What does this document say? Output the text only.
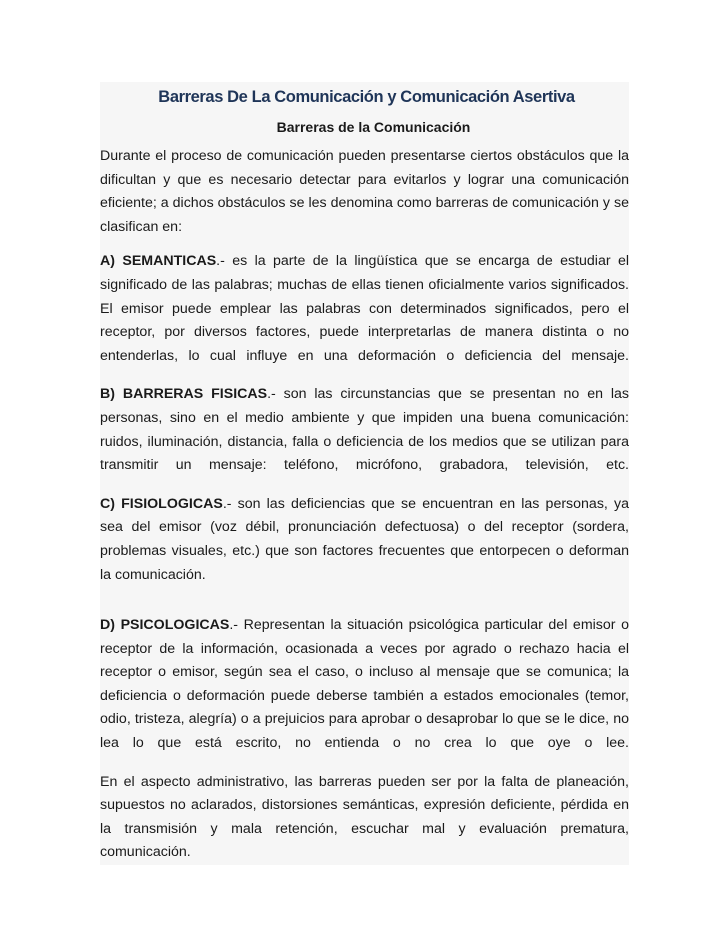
Barreras De La Comunicación y Comunicación Asertiva
Barreras de la Comunicación

Durante el proceso de comunicación pueden presentarse ciertos obstáculos que la dificultan y que es necesario detectar para evitarlos y lograr una comunicación eficiente; a dichos obstáculos se les denomina como barreras de comunicación y se clasifican en:

A) SEMANTICAS.- es la parte de la lingüística que se encarga de estudiar el significado de las palabras; muchas de ellas tienen oficialmente varios significados. El emisor puede emplear las palabras con determinados significados, pero el receptor, por diversos factores, puede interpretarlas de manera distinta o no entenderlas, lo cual influye en una deformación o deficiencia del mensaje.

B) BARRERAS FISICAS.- son las circunstancias que se presentan no en las personas, sino en el medio ambiente y que impiden una buena comunicación: ruidos, iluminación, distancia, falla o deficiencia de los medios que se utilizan para transmitir un mensaje: teléfono, micrófono, grabadora, televisión, etc.

C) FISIOLOGICAS.- son las deficiencias que se encuentran en las personas, ya sea del emisor (voz débil, pronunciación defectuosa) o del receptor (sordera, problemas visuales, etc.) que son factores frecuentes que entorpecen o deforman la comunicación.

D) PSICOLOGICAS.- Representan la situación psicológica particular del emisor o receptor de la información, ocasionada a veces por agrado o rechazo hacia el receptor o emisor, según sea el caso, o incluso al mensaje que se comunica; la deficiencia o deformación puede deberse también a estados emocionales (temor, odio, tristeza, alegría) o a prejuicios para aprobar o desaprobar lo que se le dice, no lea lo que está escrito, no entienda o no crea lo que oye o lee.

En el aspecto administrativo, las barreras pueden ser por la falta de planeación, supuestos no aclarados, distorsiones semánticas, expresión deficiente, pérdida en la transmisión y mala retención, escuchar mal y evaluación prematura, comunicación.
